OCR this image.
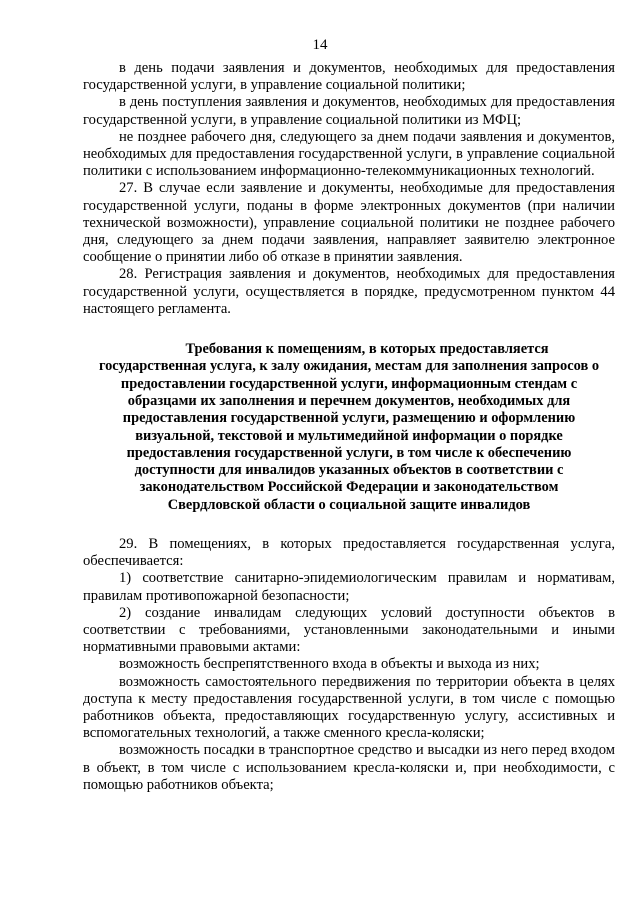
14

в день подачи заявления и документов, необходимых для предоставления государственной услуги, в управление социальной политики;

в день поступления заявления и документов, необходимых для предоставления государственной услуги, в управление социальной политики из МФЦ;

не позднее рабочего дня, следующего за днем подачи заявления и документов, необходимых для предоставления государственной услуги, в управление социальной политики с использованием информационно-телекоммуникационных технологий.

27. В случае если заявление и документы, необходимые для предоставления государственной услуги, поданы в форме электронных документов (при наличии технической возможности), управление социальной политики не позднее рабочего дня, следующего за днем подачи заявления, направляет заявителю электронное сообщение о принятии либо об отказе в принятии заявления.

28. Регистрация заявления и документов, необходимых для предоставления государственной услуги, осуществляется в порядке, предусмотренном пунктом 44 настоящего регламента.

Требования к помещениям, в которых предоставляется
государственная услуга, к залу ожидания, местам для заполнения запросов о
предоставлении государственной услуги, информационным стендам с
образцами их заполнения и перечнем документов, необходимых для
предоставления государственной услуги, размещению и оформлению
визуальной, текстовой и мультимедийной информации о порядке
предоставления государственной услуги, в том числе к обеспечению
доступности для инвалидов указанных объектов в соответствии с
законодательством Российской Федерации и законодательством
Свердловской области о социальной защите инвалидов

29. В помещениях, в которых предоставляется государственная услуга, обеспечивается:

1) соответствие санитарно-эпидемиологическим правилам и нормативам, правилам противопожарной безопасности;

2) создание инвалидам следующих условий доступности объектов в соответствии с требованиями, установленными законодательными и иными нормативными правовыми актами:

возможность беспрепятственного входа в объекты и выхода из них;

возможность самостоятельного передвижения по территории объекта в целях доступа к месту предоставления государственной услуги, в том числе с помощью работников объекта, предоставляющих государственную услугу, ассистивных и вспомогательных технологий, а также сменного кресла-коляски;

возможность посадки в транспортное средство и высадки из него перед входом в объект, в том числе с использованием кресла-коляски и, при необходимости, с помощью работников объекта;
